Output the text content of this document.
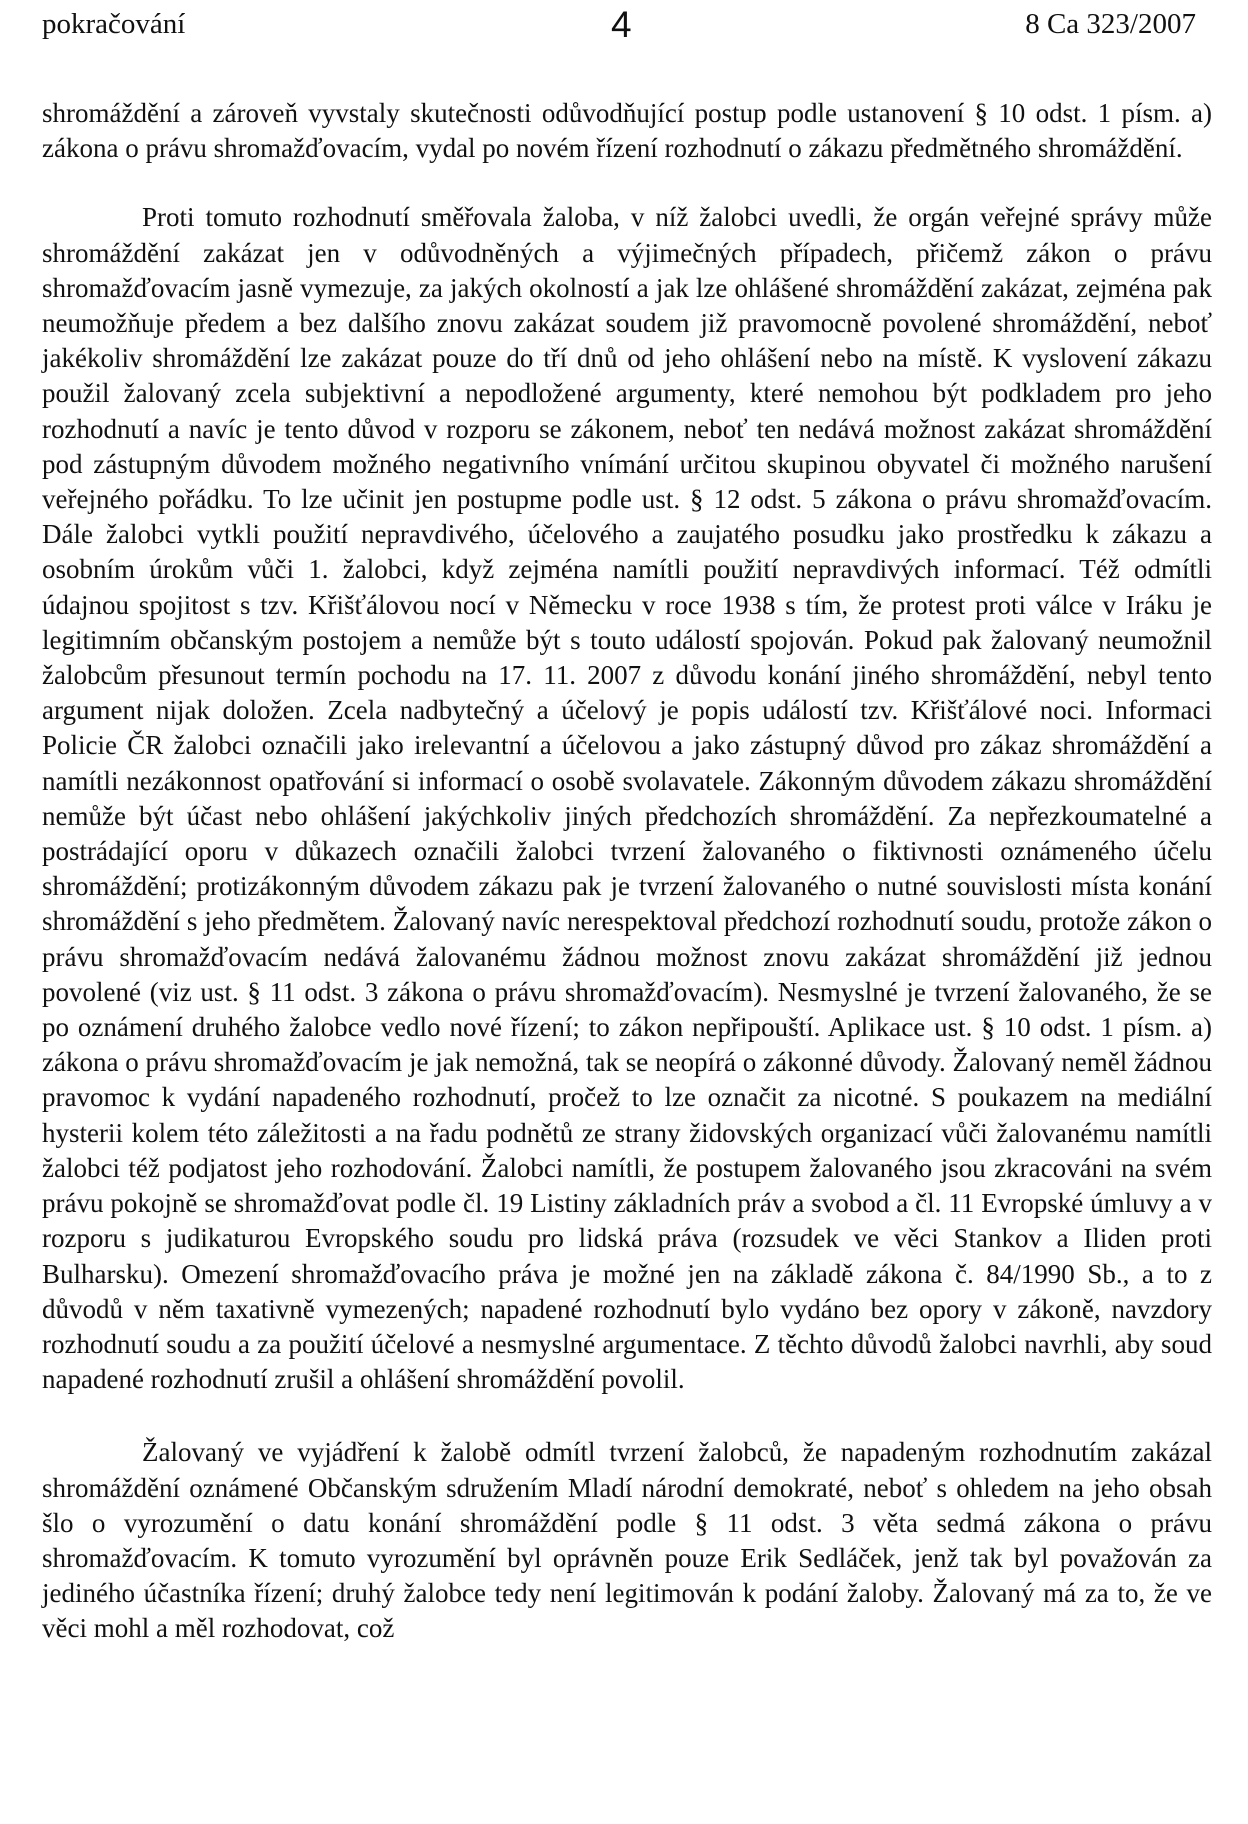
pokračování	4	8 Ca 323/2007

shromáždění a zároveň vyvstaly skutečnosti odůvodňující postup podle ustanovení § 10 odst. 1 písm. a) zákona o právu shromažďovacím, vydal po novém řízení rozhodnutí o zákazu předmětného shromáždění.

Proti tomuto rozhodnutí směřovala žaloba, v níž žalobci uvedli, že orgán veřejné správy může shromáždění zakázat jen v odůvodněných a výjimečných případech, přičemž zákon o právu shromažďovacím jasně vymezuje, za jakých okolností a jak lze ohlášené shromáždění zakázat, zejména pak neumožňuje předem a bez dalšího znovu zakázat soudem již pravomocně povolené shromáždění, neboť jakékoliv shromáždění lze zakázat pouze do tří dnů od jeho ohlášení nebo na místě. K vyslovení zákazu použil žalovaný zcela subjektivní a nepodložené argumenty, které nemohou být podkladem pro jeho rozhodnutí a navíc je tento důvod v rozporu se zákonem, neboť ten nedává možnost zakázat shromáždění pod zástupným důvodem možného negativního vnímání určitou skupinou obyvatel či možného narušení veřejného pořádku. To lze učinit jen postupme podle ust. § 12 odst. 5 zákona o právu shromažďovacím. Dále žalobci vytkli použití nepravdivého, účelového a zaujatého posudku jako prostředku k zákazu a osobním úrokům vůči 1. žalobci, když zejména namítli použití nepravdivých informací. Též odmítli údajnou spojitost s tzv. Křišťálovou nocí v Německu v roce 1938 s tím, že protest proti válce v Iráku je legitimním občanským postojem a nemůže být s touto událostí spojován. Pokud pak žalovaný neumožnil žalobcům přesunout termín pochodu na 17. 11. 2007 z důvodu konání jiného shromáždění, nebyl tento argument nijak doložen. Zcela nadbytečný a účelový je popis událostí tzv. Křišťálové noci. Informaci Policie ČR žalobci označili jako irelevantní a účelovou a jako zástupný důvod pro zákaz shromáždění a namítli nezákonnost opatřování si informací o osobě svolavatele. Zákonným důvodem zákazu shromáždění nemůže být účast nebo ohlášení jakýchkoliv jiných předchozích shromáždění. Za nepřezkoumatelné a postrádající oporu v důkazech označili žalobci tvrzení žalovaného o fiktivnosti oznámeného účelu shromáždění; protizákonným důvodem zákazu pak je tvrzení žalovaného o nutné souvislosti místa konání shromáždění s jeho předmětem. Žalovaný navíc nerespektoval předchozí rozhodnutí soudu, protože zákon o právu shromažďovacím nedává žalovanému žádnou možnost znovu zakázat shromáždění již jednou povolené (viz ust. § 11 odst. 3 zákona o právu shromažďovacím). Nesmyslné je tvrzení žalovaného, že se po oznámení druhého žalobce vedlo nové řízení; to zákon nepřipouští. Aplikace ust. § 10 odst. 1 písm. a) zákona o právu shromažďovacím je jak nemožná, tak se neopírá o zákonné důvody. Žalovaný neměl žádnou pravomoc k vydání napadeného rozhodnutí, pročež to lze označit za nicotné. S poukazem na mediální hysterii kolem této záležitosti a na řadu podnětů ze strany židovských organizací vůči žalovanému namítli žalobci též podjatost jeho rozhodování. Žalobci namítli, že postupem žalovaného jsou zkracováni na svém právu pokojně se shromažďovat podle čl. 19 Listiny základních práv a svobod a čl. 11 Evropské úmluvy a v rozporu s judikaturou Evropského soudu pro lidská práva (rozsudek ve věci Stankov a Iliden proti Bulharsku). Omezení shromažďovacího práva je možné jen na základě zákona č. 84/1990 Sb., a to z důvodů v něm taxativně vymezených; napadené rozhodnutí bylo vydáno bez opory v zákoně, navzdory rozhodnutí soudu a za použití účelové a nesmyslné argumentace. Z těchto důvodů žalobci navrhli, aby soud napadené rozhodnutí zrušil a ohlášení shromáždění povolil.

Žalovaný ve vyjádření k žalobě odmítl tvrzení žalobců, že napadeným rozhodnutím zakázal shromáždění oznámené Občanským sdružením Mladí národní demokraté, neboť s ohledem na jeho obsah šlo o vyrozumění o datu konání shromáždění podle § 11 odst. 3 věta sedmá zákona o právu shromažďovacím. K tomuto vyrozumění byl oprávněn pouze Erik Sedláček, jenž tak byl považován za jediného účastníka řízení; druhý žalobce tedy není legitimován k podání žaloby. Žalovaný má za to, že ve věci mohl a měl rozhodovat, což
